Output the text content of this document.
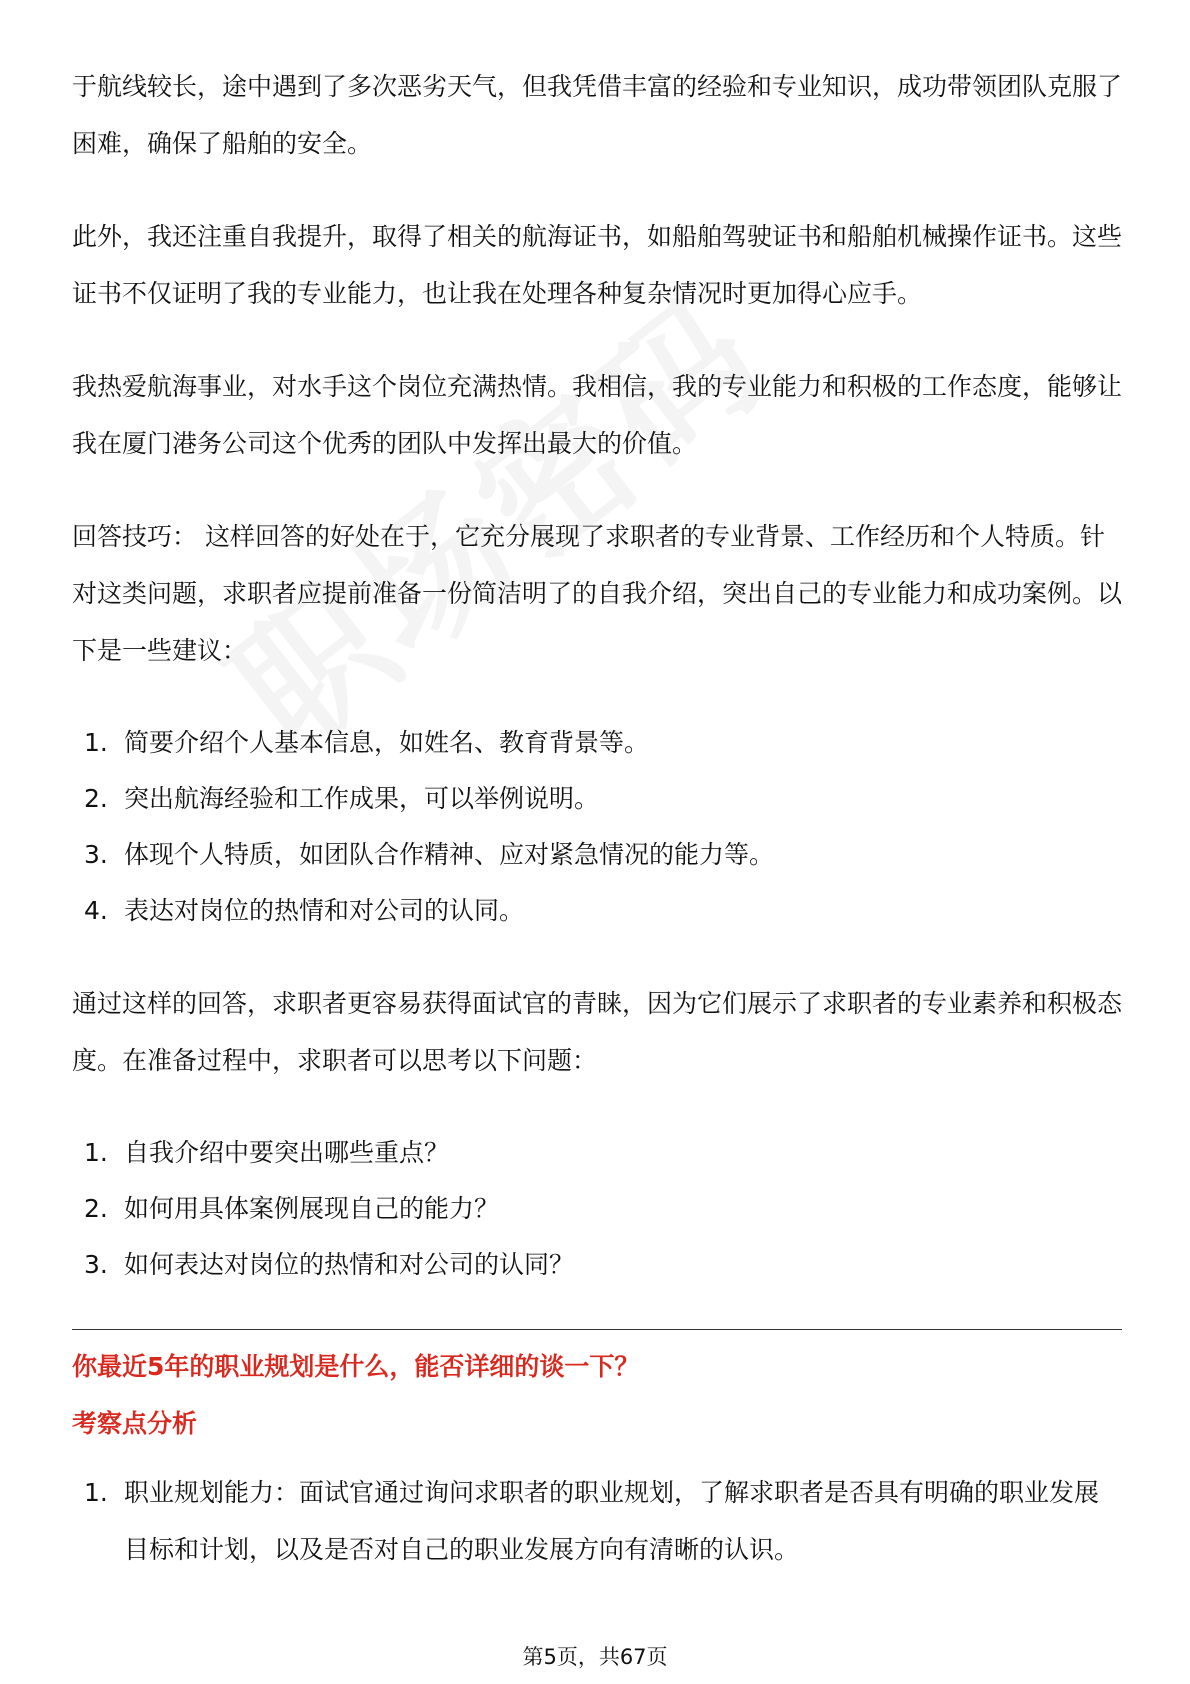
于航线较长，途中遇到了多次恶劣天气，但我凭借丰富的经验和专业知识，成功带领团队克服了困难，确保了船舶的安全。

此外，我还注重自我提升，取得了相关的航海证书，如船舶驾驶证书和船舶机械操作证书。这些证书不仅证明了我的专业能力，也让我在处理各种复杂情况时更加得心应手。

我热爱航海事业，对水手这个岗位充满热情。我相信，我的专业能力和积极的工作态度，能够让我在厦门港务公司这个优秀的团队中发挥出最大的价值。

回答技巧： 这样回答的好处在于，它充分展现了求职者的专业背景、工作经历和个人特质。针对这类问题，求职者应提前准备一份简洁明了的自我介绍，突出自己的专业能力和成功案例。以下是一些建议：

1. 简要介绍个人基本信息，如姓名、教育背景等。
2. 突出航海经验和工作成果，可以举例说明。
3. 体现个人特质，如团队合作精神、应对紧急情况的能力等。
4. 表达对岗位的热情和对公司的认同。

通过这样的回答，求职者更容易获得面试官的青睐，因为它们展示了求职者的专业素养和积极态度。在准备过程中，求职者可以思考以下问题：

1. 自我介绍中要突出哪些重点？
2. 如何用具体案例展现自己的能力？
3. 如何表达对岗位的热情和对公司的认同？
你最近5年的职业规划是什么，能否详细的谈一下？
考察点分析
1. 职业规划能力：面试官通过询问求职者的职业规划，了解求职者是否具有明确的职业发展目标和计划，以及是否对自己的职业发展方向有清晰的认识。
第5页，共67页
